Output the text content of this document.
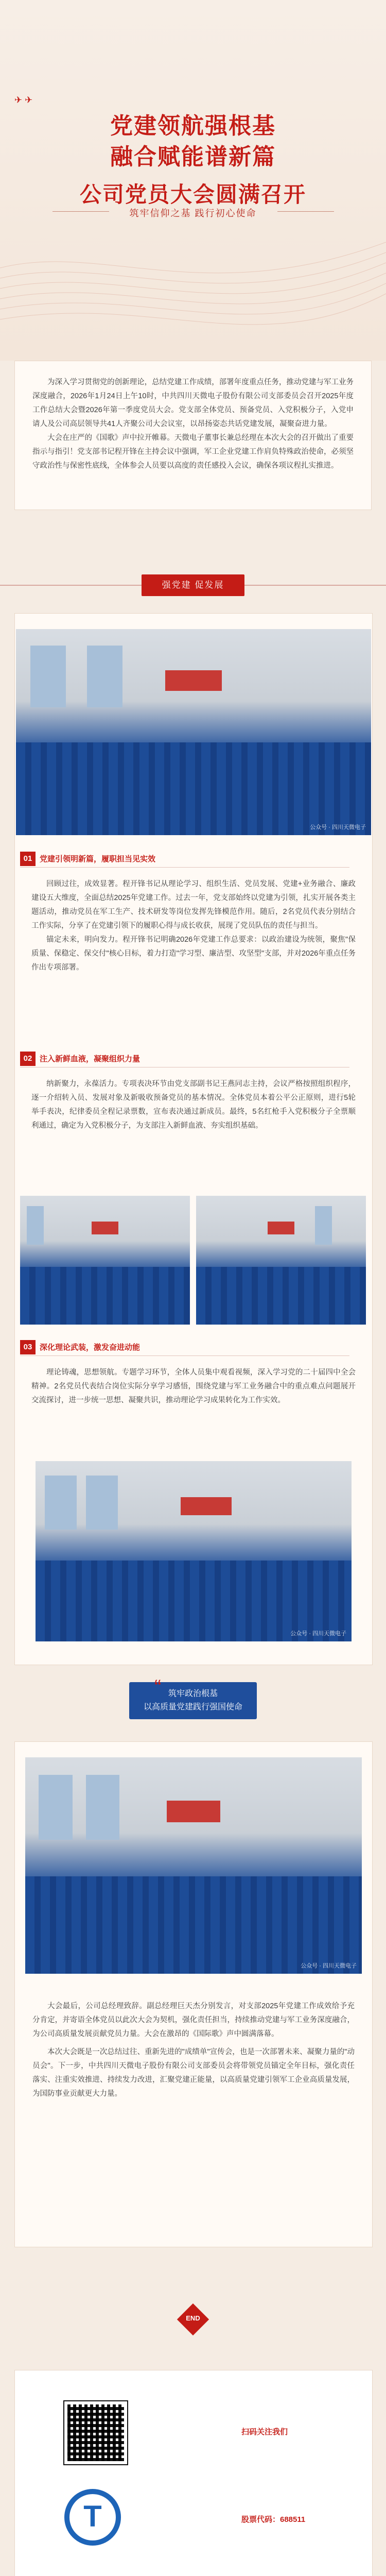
✈ ✈
党建领航强根基
融合赋能谱新篇
公司党员大会圆满召开
筑牢信仰之基 践行初心使命

为深入学习贯彻党的创新理论，总结党建工作成绩，部署年度重点任务，推动党建与军工业务深度融合，2026年1月24日上午10时，中共四川天微电子股份有限公司支部委员会召开2025年度工作总结大会暨2026年第一季度党员大会。党支部全体党员、预备党员、入党积极分子，入党申请人及公司高层领导共41人齐聚公司大会议室，以昂扬姿态共话党建发展，凝聚奋进力量。

大会在庄严的《国歌》声中拉开帷幕。天微电子董事长兼总经理在本次大会的召开做出了重要指示与指引！党支部书记程开锋在主持会议中强调，军工企业党建工作肩负特殊政治使命，必须坚守政治性与保密性底线，全体参会人员要以高度的责任感投入会议，确保各项议程扎实推进。

强党建 促发展
公众号 · 四川天微电子
01 党建引领明新篇，履职担当见实效

回顾过往，成效显著。程开锋书记从理论学习、组织生活、党员发展、党建+业务融合、廉政建设五大维度，全面总结2025年党建工作。过去一年，党支部始终以党建为引领，扎实开展各类主题活动，推动党员在军工生产、技术研发等岗位发挥先锋模范作用。随后，2名党员代表分别结合工作实际，分享了在党建引领下的履职心得与成长收获，展现了党员队伍的责任与担当。

锚定未来，明向发力。程开锋书记明确2026年党建工作总要求：以政治建设为统领，聚焦"保质量、保稳定、保交付"核心目标，着力打造"学习型、廉洁型、攻坚型"支部，并对2026年重点任务作出专项部署。

02 注入新鲜血液，凝聚组织力量

纳新聚力，永葆活力。专项表决环节由党支部副书记王燕同志主持，会议严格按照组织程序，逐一介绍转入员、发展对象及新吸收预备党员的基本情况。全体党员本着公平公正原则，进行5轮举手表决，纪律委员全程记录票数，宣布表决通过新成员。最终，5名红枪手入党积极分子全票顺利通过，确定为入党积极分子，为支部注入新鲜血液、夯实组织基础。

03 深化理论武装，激发奋进动能

理论铸魂，思想领航。专题学习环节，全体人员集中观看视频，深入学习党的二十届四中全会精神。2名党员代表结合岗位实际分享学习感悟，围绕党建与军工业务融合中的重点难点问题展开交流探讨，进一步统一思想、凝聚共识，推动理论学习成果转化为工作实效。

公众号 · 四川天微电子
“ 筑牢政治根基
以高质量党建践行强国使命
公众号 · 四川天微电子

大会最后，公司总经理致辞。副总经理巨天杰分别发言，对支部2025年党建工作成效给予充分肯定，并寄语全体党员以此次大会为契机，强化责任担当，持续推动党建与军工业务深度融合，为公司高质量发展贡献党员力量。大会在激昂的《国际歌》声中圆满落幕。

本次大会既是一次总结过往、重新先进的"成绩单"宣传会，也是一次部署未来、凝聚力量的"动员会"。下一步，中共四川天微电子股份有限公司支部委员会将带领党员锚定全年目标，强化责任落实、注重实效推进、持续发力改进，汇聚党建正能量，以高质量党建引领军工企业高质量发展，为国防事业贡献更大力量。

END
扫码关注我们
T
股票代码：688511
